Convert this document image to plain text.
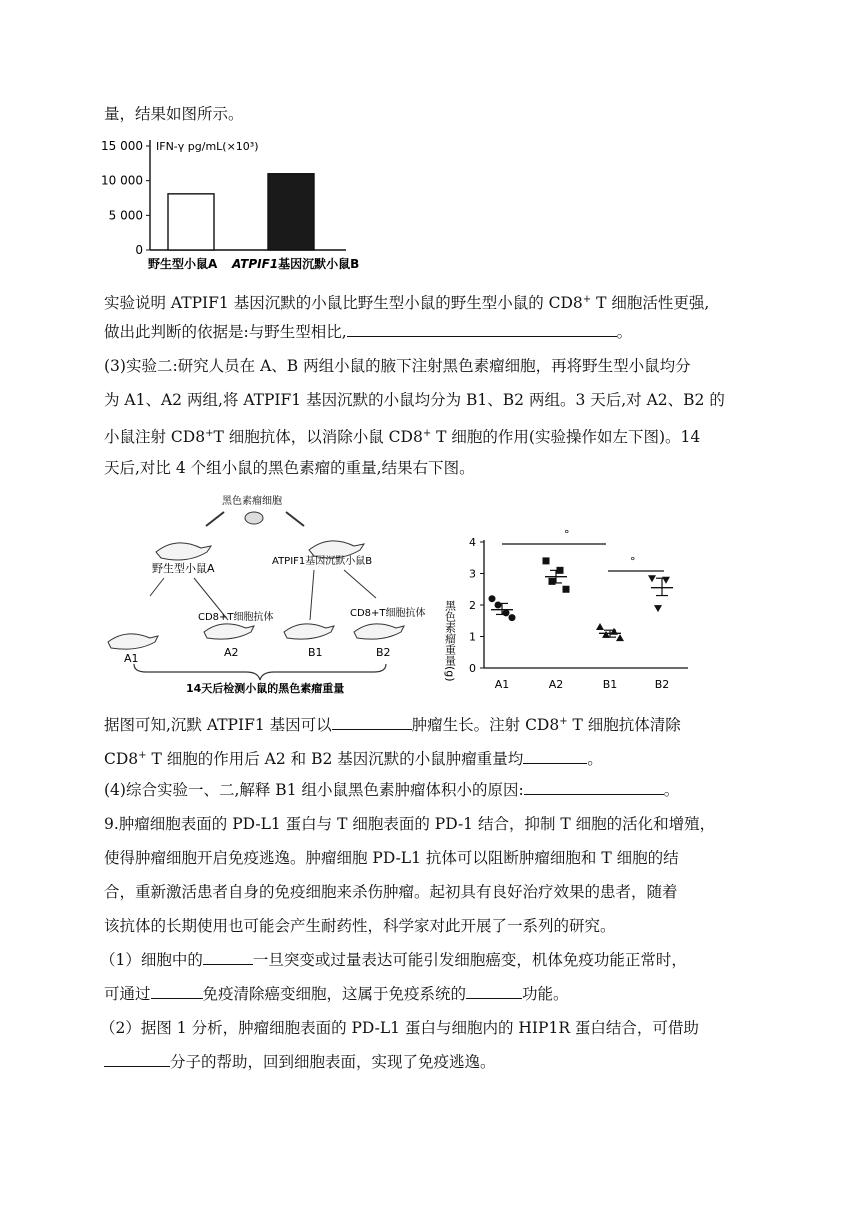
量，结果如图所示。
0
5 000
10 000
15 000 IFN-γ pg/mL(×10³)
野生型小鼠A ATPIF1基因沉默小鼠B
实验说明 ATPIF1 基因沉默的小鼠比野生型小鼠的野生型小鼠的 CD8+ T 细胞活性更强,
做出此判断的依据是:与野生型相比,	。
(3)实验二:研究人员在 A、B 两组小鼠的腋下注射黑色素瘤细胞，再将野生型小鼠均分
为 A1、A2 两组,将 ATPIF1 基因沉默的小鼠均分为 B1、B2 两组。3 天后,对 A2、B2 的
小鼠注射 CD8+T 细胞抗体，以消除小鼠 CD8+ T 细胞的作用(实验操作如左下图)。14
天后,对比 4 个组小鼠的黑色素瘤的重量,结果右下图。
黑色素瘤细胞
野生型小鼠A
ATPIF1基因沉默小鼠B
CD8+T细胞抗体	CD8+T细胞抗体
A1	A2	B1	B2
14天后检测小鼠的黑色素瘤重量
黑色素瘤重量(g) 0
1
2
3
4
A1	A2	B1	B2
°
°
据图可知,沉默 ATPIF1 基因可以	肿瘤生长。注射 CD8+ T 细胞抗体清除
CD8+ T 细胞的作用后 A2 和 B2 基因沉默的小鼠肿瘤重量均	。
(4)综合实验一、二,解释 B1 组小鼠黑色素肿瘤体积小的原因:	。
9.肿瘤细胞表面的 PD-L1 蛋白与 T 细胞表面的 PD-1 结合，抑制 T 细胞的活化和增殖，
使得肿瘤细胞开启免疫逃逸。肿瘤细胞 PD-L1 抗体可以阻断肿瘤细胞和 T 细胞的结
合，重新激活患者自身的免疫细胞来杀伤肿瘤。起初具有良好治疗效果的患者，随着
该抗体的长期使用也可能会产生耐药性，科学家对此开展了一系列的研究。
（1）细胞中的	一旦突变或过量表达可能引发细胞癌变，机体免疫功能正常时，
可通过	免疫清除癌变细胞，这属于免疫系统的	功能。
（2）据图 1 分析，肿瘤细胞表面的 PD-L1 蛋白与细胞内的 HIP1R 蛋白结合，可借助
分子的帮助，回到细胞表面，实现了免疫逃逸。
